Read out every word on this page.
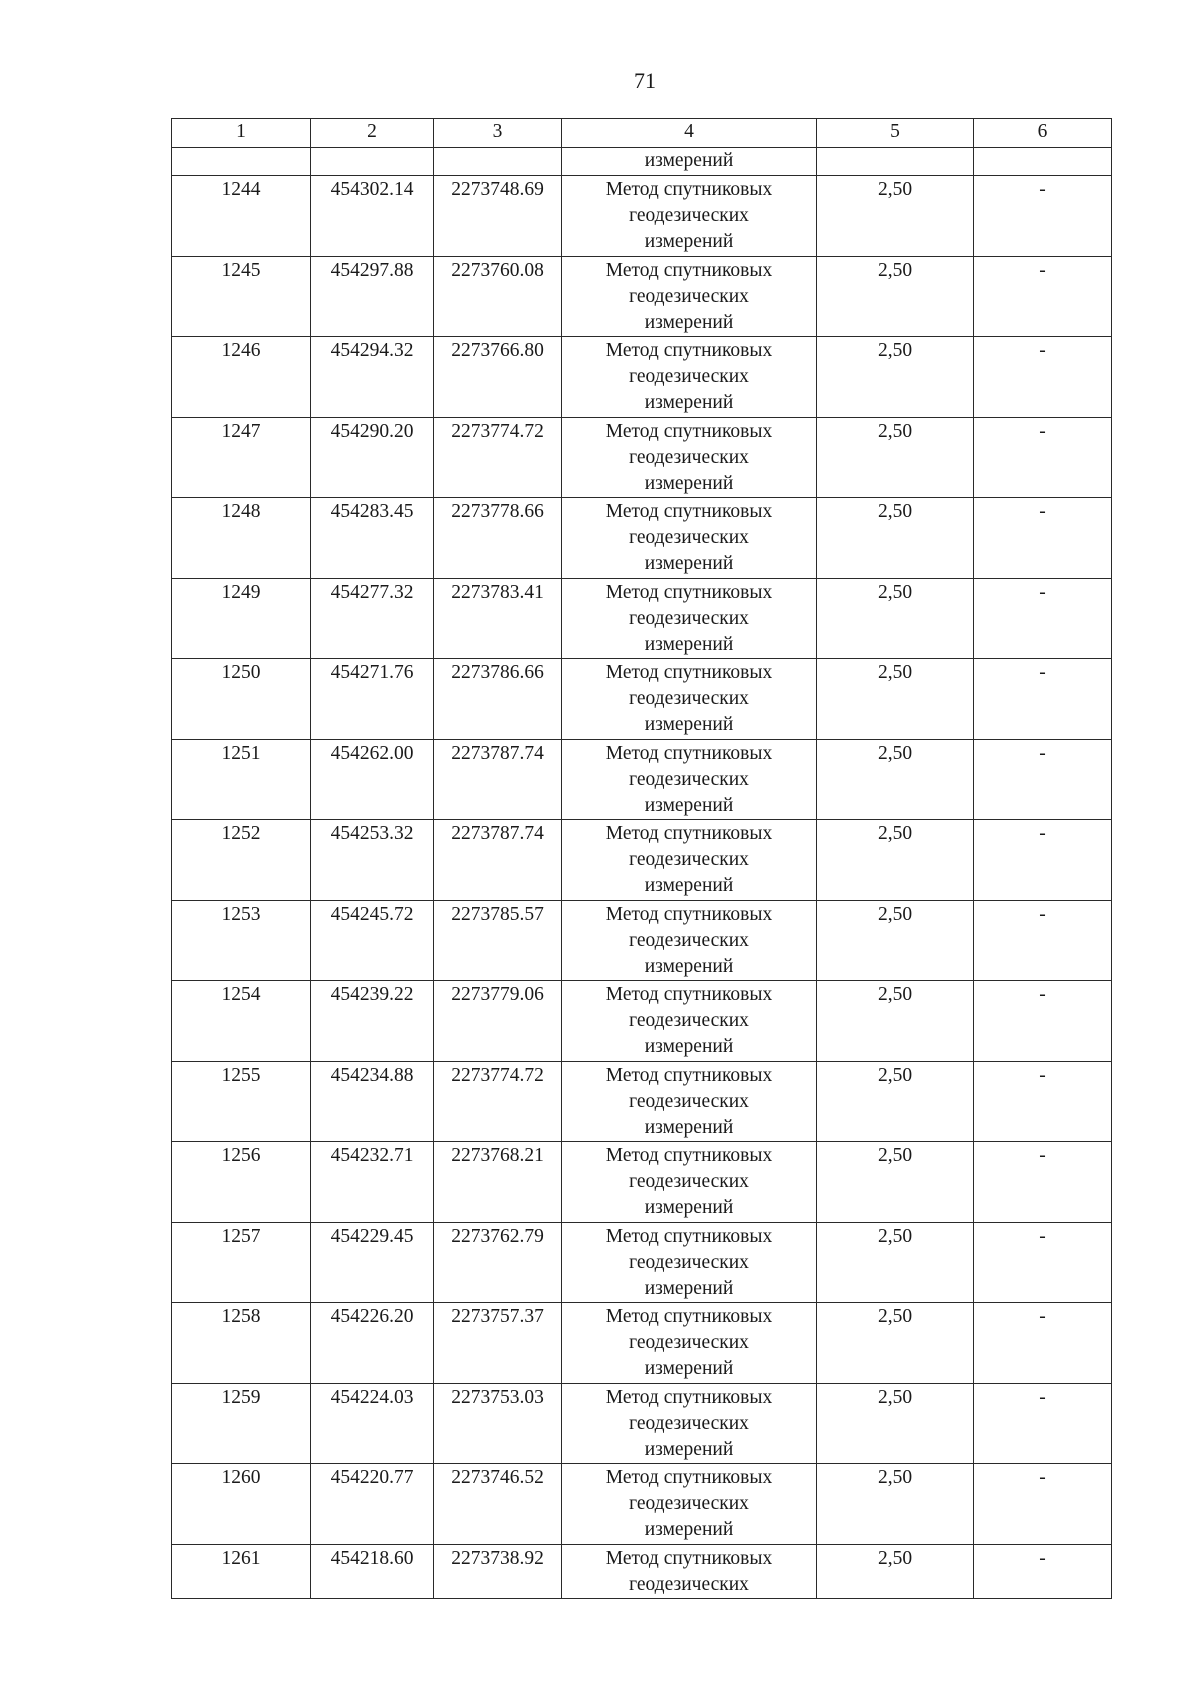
71
1	2	3	4	5	6
			измерений		
1244	454302.14	2273748.69	Метод спутниковых
геодезических
измерений	2,50	-
1245	454297.88	2273760.08	Метод спутниковых
геодезических
измерений	2,50	-
1246	454294.32	2273766.80	Метод спутниковых
геодезических
измерений	2,50	-
1247	454290.20	2273774.72	Метод спутниковых
геодезических
измерений	2,50	-
1248	454283.45	2273778.66	Метод спутниковых
геодезических
измерений	2,50	-
1249	454277.32	2273783.41	Метод спутниковых
геодезических
измерений	2,50	-
1250	454271.76	2273786.66	Метод спутниковых
геодезических
измерений	2,50	-
1251	454262.00	2273787.74	Метод спутниковых
геодезических
измерений	2,50	-
1252	454253.32	2273787.74	Метод спутниковых
геодезических
измерений	2,50	-
1253	454245.72	2273785.57	Метод спутниковых
геодезических
измерений	2,50	-
1254	454239.22	2273779.06	Метод спутниковых
геодезических
измерений	2,50	-
1255	454234.88	2273774.72	Метод спутниковых
геодезических
измерений	2,50	-
1256	454232.71	2273768.21	Метод спутниковых
геодезических
измерений	2,50	-
1257	454229.45	2273762.79	Метод спутниковых
геодезических
измерений	2,50	-
1258	454226.20	2273757.37	Метод спутниковых
геодезических
измерений	2,50	-
1259	454224.03	2273753.03	Метод спутниковых
геодезических
измерений	2,50	-
1260	454220.77	2273746.52	Метод спутниковых
геодезических
измерений	2,50	-
1261	454218.60	2273738.92	Метод спутниковых
геодезических	2,50	-
